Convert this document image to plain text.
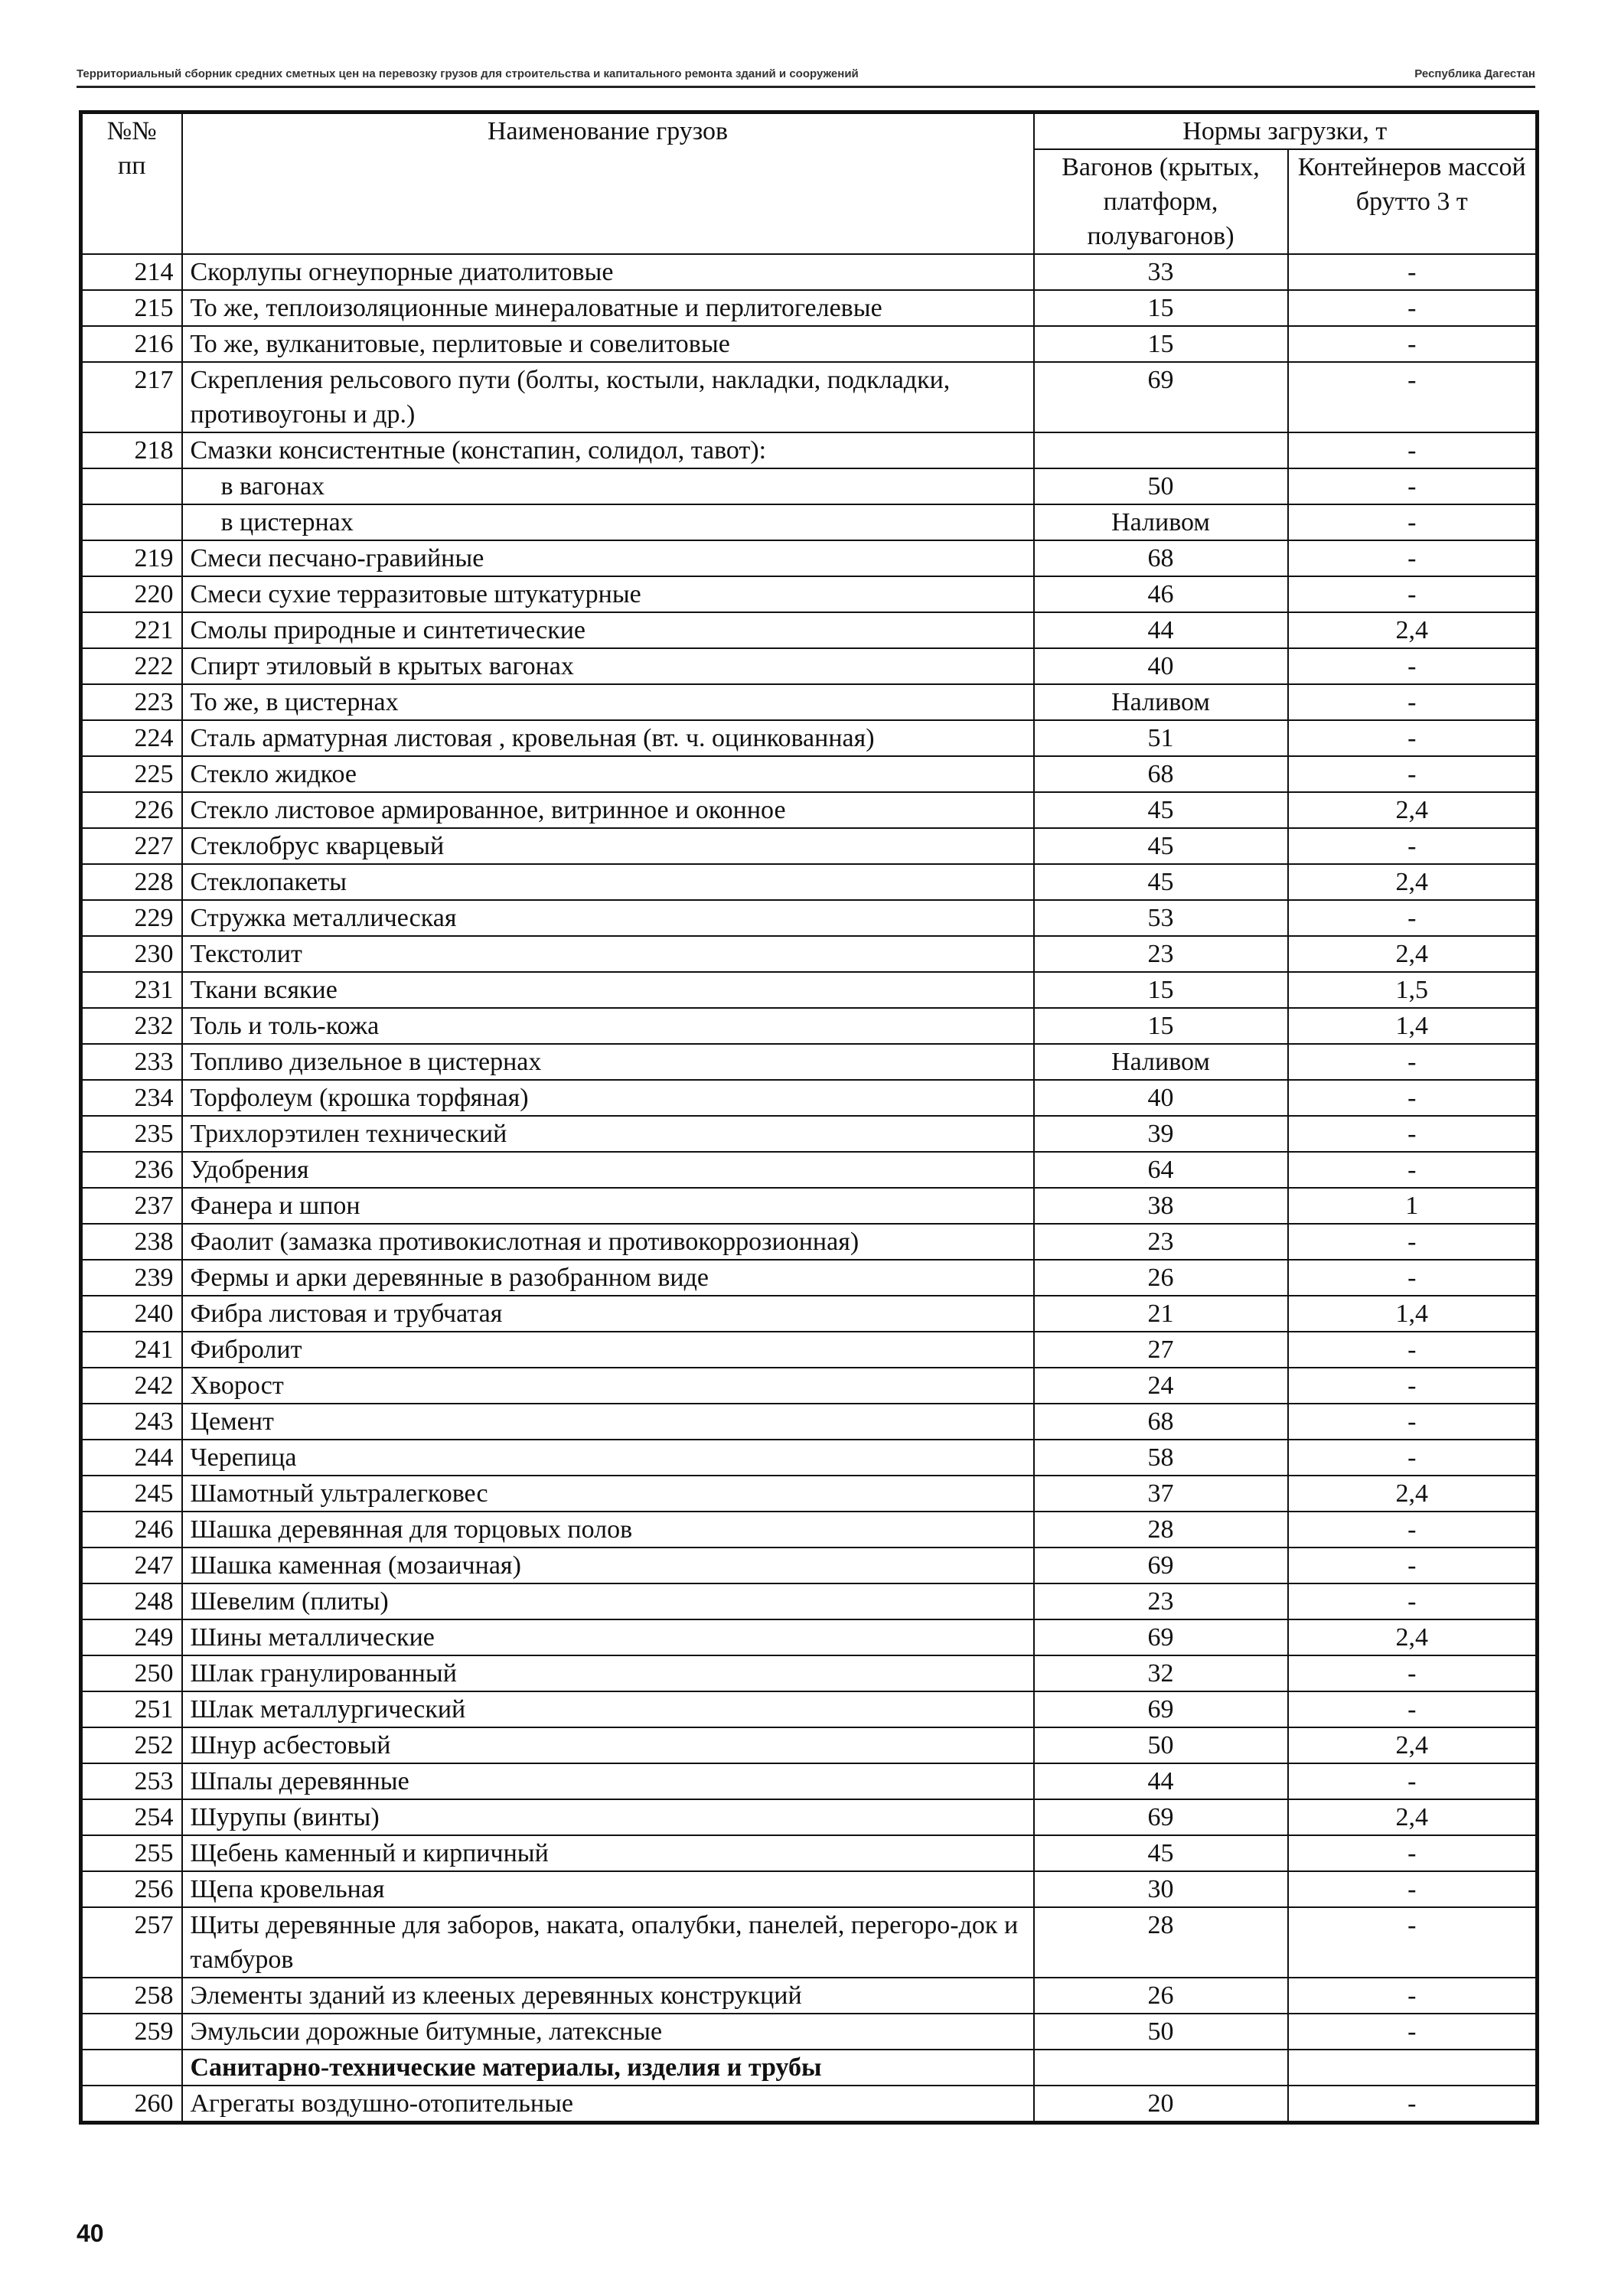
Территориальный сборник средних сметных цен на перевозку грузов для строительства и капитального ремонта зданий и сооружений	Республика Дагестан
№№ пп	Наименование грузов	Нормы загрузки, т	
		Вагонов (крытых, платформ, полувагонов)	Контейнеров массой брутто 3 т
214	Скорлупы огнеупорные диатолитовые	33	-
215	То же, теплоизоляционные минераловатные и перлитогелевые	15	-
216	То же, вулканитовые, перлитовые и совелитовые	15	-
217	Скрепления рельсового пути (болты, костыли, накладки, подкладки, противоугоны и др.)	69	-
218	Смазки консистентные (констапин, солидол, тавот):		-
	в вагонах	50	-
	в цистернах	Наливом	-
219	Смеси песчано-гравийные	68	-
220	Смеси сухие терразитовые штукатурные	46	-
221	Смолы природные и синтетические	44	2,4
222	Спирт этиловый в крытых вагонах	40	-
223	То же, в цистернах	Наливом	-
224	Сталь арматурная листовая , кровельная (вт. ч. оцинкованная)	51	-
225	Стекло жидкое	68	-
226	Стекло листовое армированное, витринное и оконное	45	2,4
227	Стеклобрус кварцевый	45	-
228	Стеклопакеты	45	2,4
229	Стружка металлическая	53	-
230	Текстолит	23	2,4
231	Ткани всякие	15	1,5
232	Толь и толь-кожа	15	1,4
233	Топливо дизельное в цистернах	Наливом	-
234	Торфолеум (крошка торфяная)	40	-
235	Трихлорэтилен технический	39	-
236	Удобрения	64	-
237	Фанера и шпон	38	1
238	Фаолит (замазка противокислотная и противокоррозионная)	23	-
239	Фермы и арки деревянные в разобранном виде	26	-
240	Фибра листовая и трубчатая	21	1,4
241	Фибролит	27	-
242	Хворост	24	-
243	Цемент	68	-
244	Черепица	58	-
245	Шамотный ультралегковес	37	2,4
246	Шашка деревянная для торцовых полов	28	-
247	Шашка каменная (мозаичная)	69	-
248	Шевелим (плиты)	23	-
249	Шины металлические	69	2,4
250	Шлак гранулированный	32	-
251	Шлак металлургический	69	-
252	Шнур асбестовый	50	2,4
253	Шпалы деревянные	44	-
254	Шурупы (винты)	69	2,4
255	Щебень каменный и кирпичный	45	-
256	Щепа кровельная	30	-
257	Щиты деревянные для заборов, наката, опалубки, панелей, перегоро-док и тамбуров	28	-
258	Элементы зданий из клееных деревянных конструкций	26	-
259	Эмульсии дорожные битумные, латексные	50	-
	Санитарно-технические материалы, изделия и трубы		
260	Агрегаты воздушно-отопительные	20	-
40
